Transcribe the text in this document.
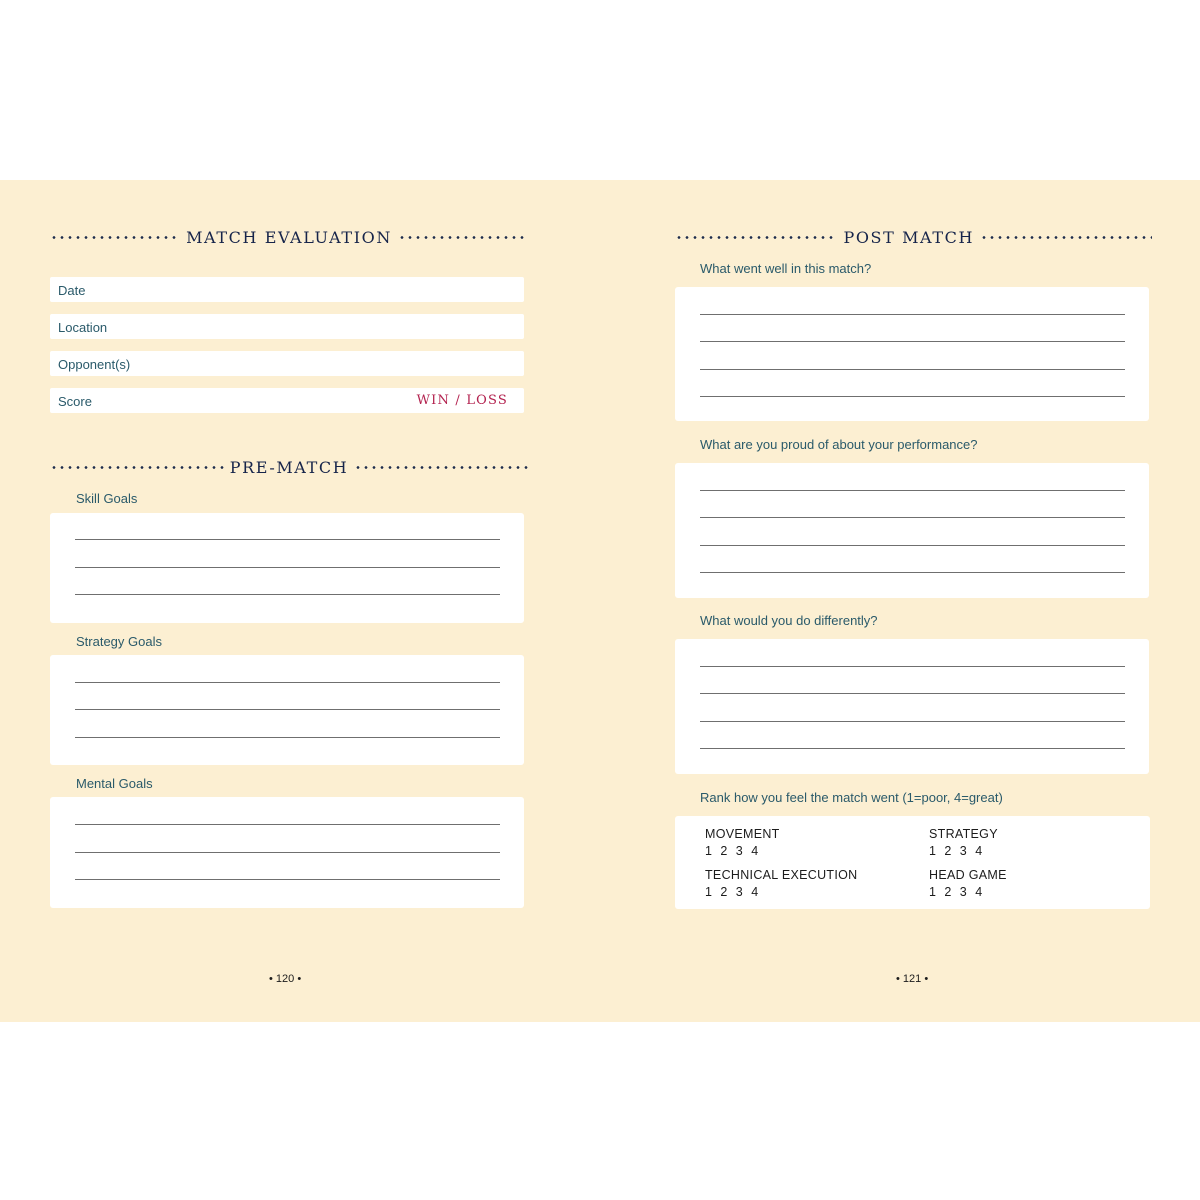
MATCH EVALUATION
Date
Location
Opponent(s)
Score	WIN / LOSS
PRE-MATCH
Skill Goals
Strategy Goals
Mental Goals
• 120 •
POST MATCH
What went well in this match?
What are you proud of about your performance?
What would you do differently?
Rank how you feel the match went (1=poor, 4=great)
MOVEMENT
1  2  3  4
STRATEGY
1  2  3  4
TECHNICAL EXECUTION
1  2  3  4
HEAD GAME
1  2  3  4
• 121 •
